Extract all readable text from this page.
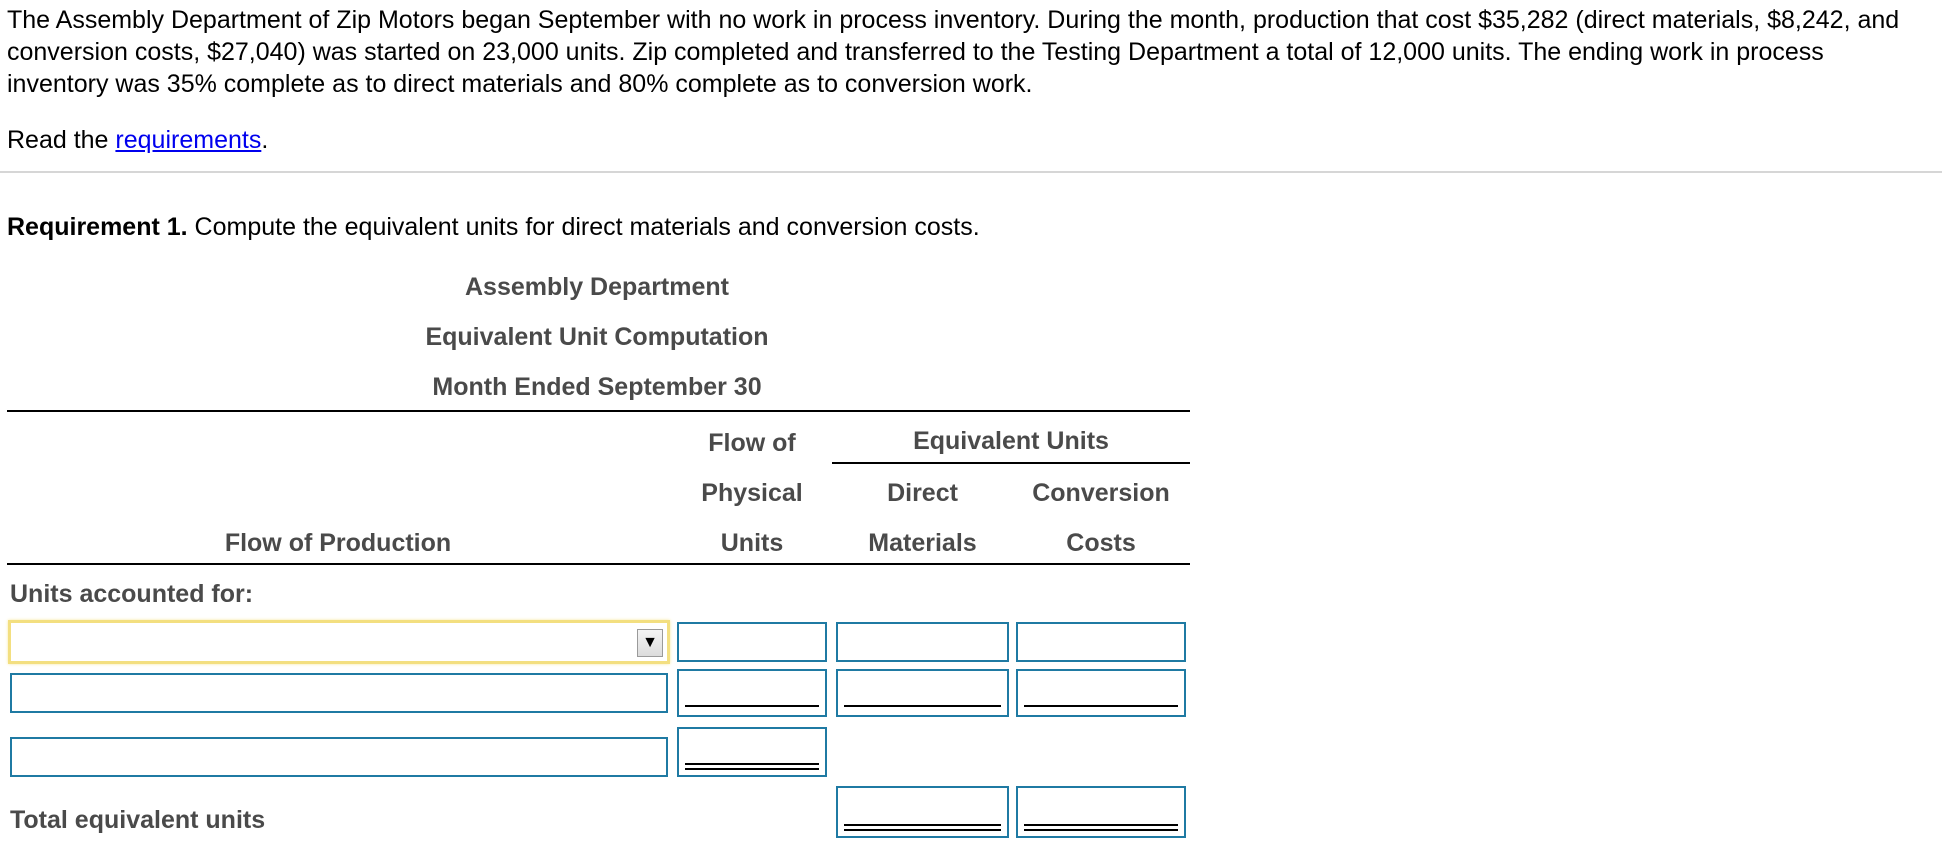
The Assembly Department of Zip Motors began September with no work in process inventory. During the month, production that cost $35,282 (direct materials, $8,242, and conversion costs, $27,040) was started on 23,000 units. Zip completed and transferred to the Testing Department a total of 12,000 units. The ending work in process inventory was 35% complete as to direct materials and 80% complete as to conversion work.
Read the requirements.
Requirement 1. Compute the equivalent units for direct materials and conversion costs.
Assembly Department
Equivalent Unit Computation
Month Ended September 30
Flow of
Physical
Units
Equivalent Units
Direct
Materials
Conversion
Costs
Flow of Production
Units accounted for:
▼
Total equivalent units
